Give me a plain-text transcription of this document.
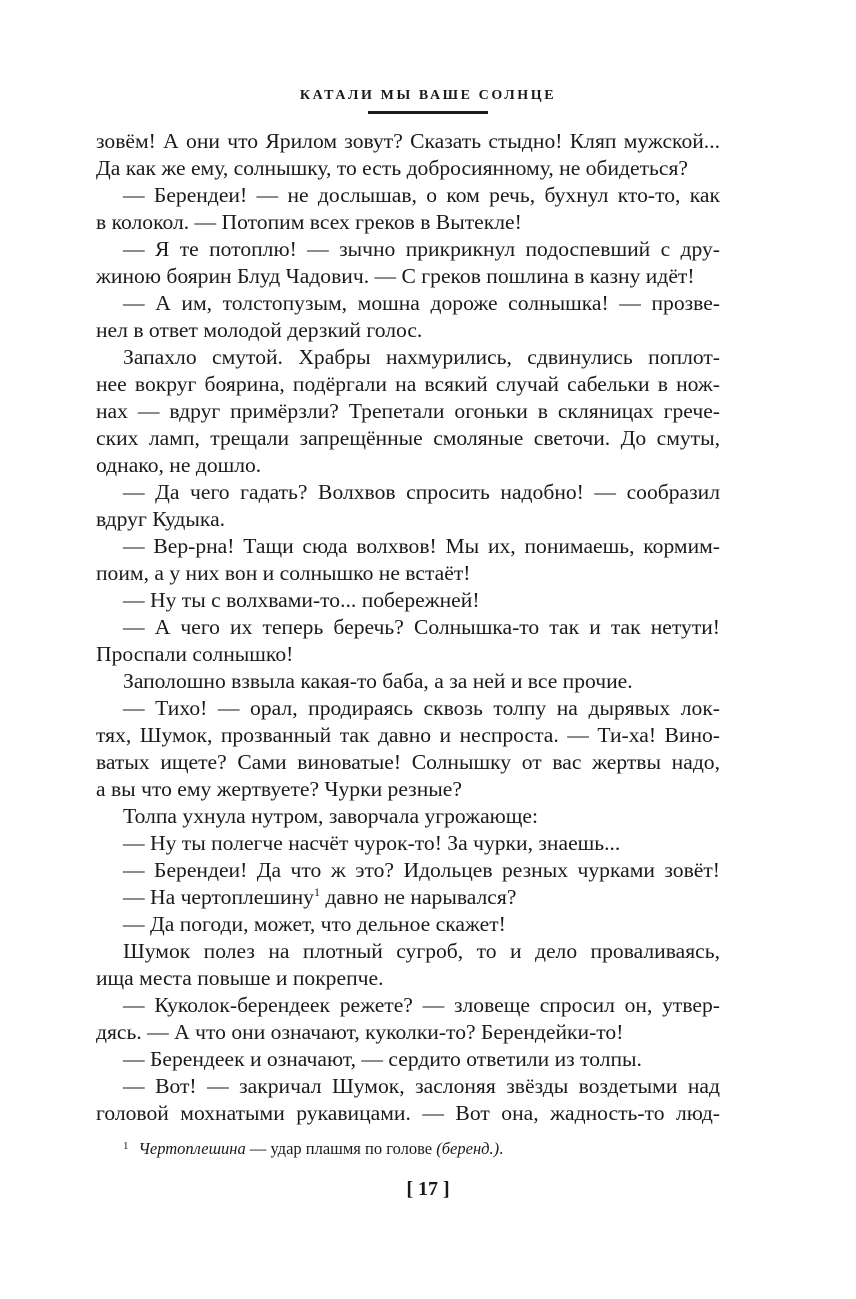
КАТАЛИ МЫ ВАШЕ СОЛНЦЕ
зовём! А они что Ярилом зовут? Сказать стыдно! Кляп мужской...
Да как же ему, солнышку, то есть добросиянному, не обидеться?
— Берендеи! — не дослышав, о ком речь, бухнул кто-то, как
в колокол. — Потопим всех греков в Вытекле!
— Я те потоплю! — зычно прикрикнул подоспевший с дру-
жиною боярин Блуд Чадович. — С греков пошлина в казну идёт!
— А им, толстопузым, мошна дороже солнышка! — прозве-
нел в ответ молодой дерзкий голос.
Запахло смутой. Храбры нахмурились, сдвинулись поплот-
нее вокруг боярина, подёргали на всякий случай сабельки в нож-
нах — вдруг примёрзли? Трепетали огоньки в скляницах грече-
ских ламп, трещали запрещённые смоляные светочи. До смуты,
однако, не дошло.
— Да чего гадать? Волхвов спросить надобно! — сообразил
вдруг Кудыка.
— Вер-рна! Тащи сюда волхвов! Мы их, понимаешь, кормим-
поим, а у них вон и солнышко не встаёт!
— Ну ты с волхвами-то... побережней!
— А чего их теперь беречь? Солнышка-то так и так нетути!
Проспали солнышко!
Заполошно взвыла какая-то баба, а за ней и все прочие.
— Тихо! — орал, продираясь сквозь толпу на дырявых лок-
тях, Шумок, прозванный так давно и неспроста. — Ти-ха! Вино-
ватых ищете? Сами виноватые! Солнышку от вас жертвы надо,
а вы что ему жертвуете? Чурки резные?
Толпа ухнула нутром, заворчала угрожающе:
— Ну ты полегче насчёт чурок-то! За чурки, знаешь...
— Берендеи! Да что ж это? Идольцев резных чурками зовёт!
— На чертоплешину$^1$ давно не нарывался?
— Да погоди, может, что дельное скажет!
Шумок полез на плотный сугроб, то и дело проваливаясь,
ища места повыше и покрепче.
— Куколок-берендеек режете? — зловеще спросил он, утвер-
дясь. — А что они означают, куколки-то? Берендейки-то!
— Берендеек и означают, — сердито ответили из толпы.
— Вот! — закричал Шумок, заслоняя звёзды воздетыми над
головой мохнатыми рукавицами. — Вот она, жадность-то люд-
$^1$ Чертоплешина — удар плашмя по голове (беренд.).
[ 17 ]
